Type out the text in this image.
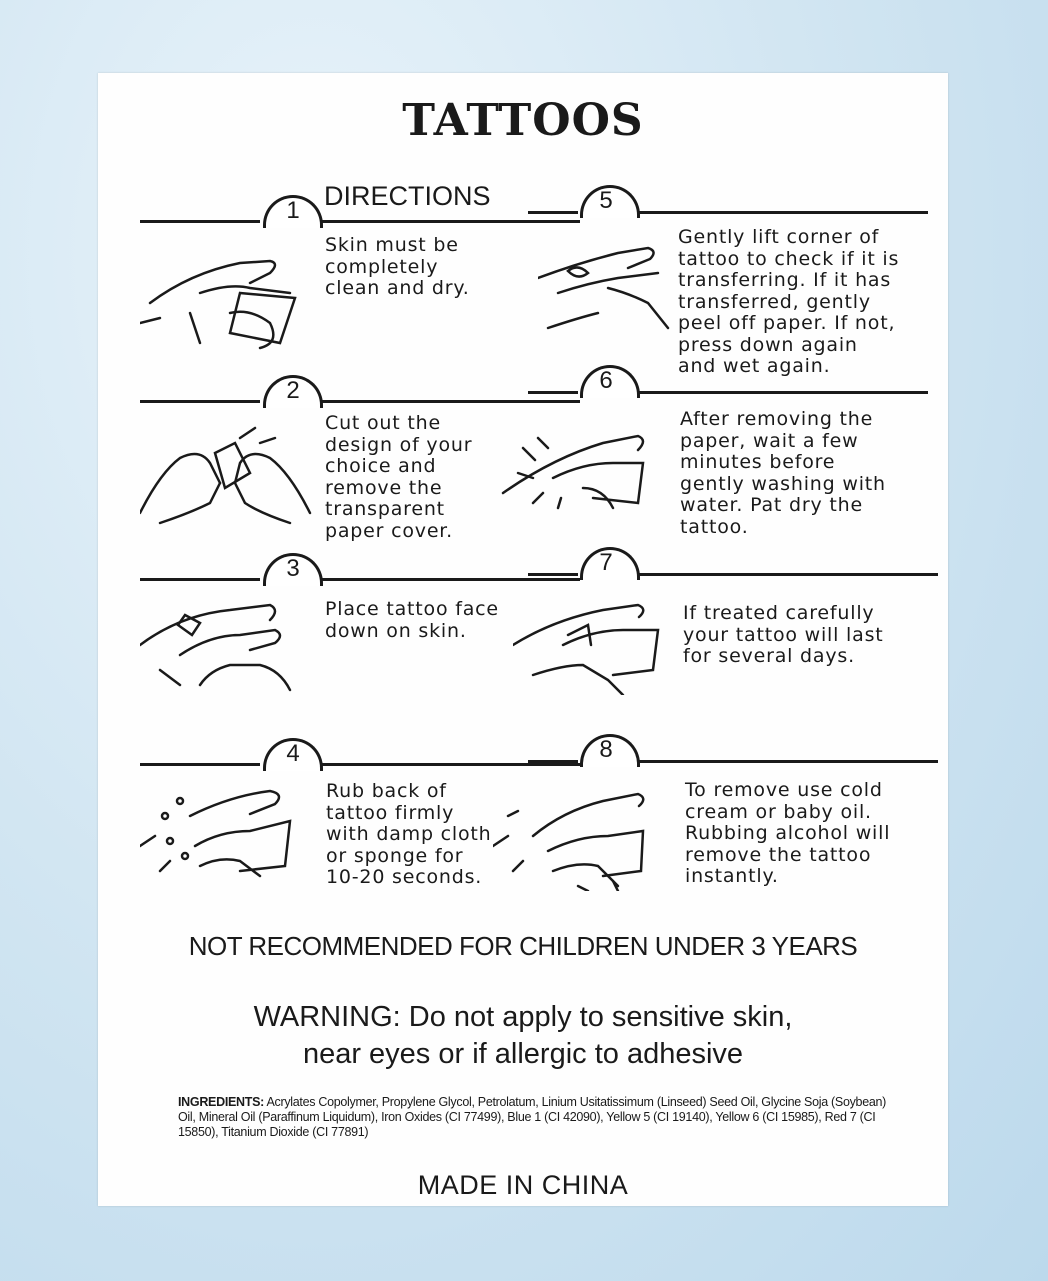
TATTOOS
DIRECTIONS
1
Skin must be
completely
clean and dry.
2
Cut out the
design of your
choice and
remove the
transparent
paper cover.
3
Place tattoo face
down on skin.
4
Rub back of
tattoo firmly
with damp cloth
or sponge for
10-20 seconds.
5
Gently lift corner of
tattoo to check if it is
transferring. If it has
transferred, gently
peel off paper. If not,
press down again
and wet again.
6
After removing the
paper, wait a few
minutes before
gently washing with
water. Pat dry the
tattoo.
7
If treated carefully
your tattoo will last
for several days.
8
To remove use cold
cream or baby oil.
Rubbing alcohol will
remove the tattoo
instantly.
NOT RECOMMENDED FOR CHILDREN UNDER 3 YEARS
WARNING: Do not apply to sensitive skin,
near eyes or if allergic to adhesive
INGREDIENTS: Acrylates Copolymer, Propylene Glycol, Petrolatum, Linium Usitatissimum (Linseed) Seed Oil, Glycine Soja (Soybean) Oil, Mineral Oil (Paraffinum Liquidum), Iron Oxides (CI 77499), Blue 1 (CI 42090), Yellow 5 (CI 19140), Yellow 6 (CI 15985), Red 7 (CI 15850), Titanium Dioxide (CI 77891)
MADE IN CHINA
